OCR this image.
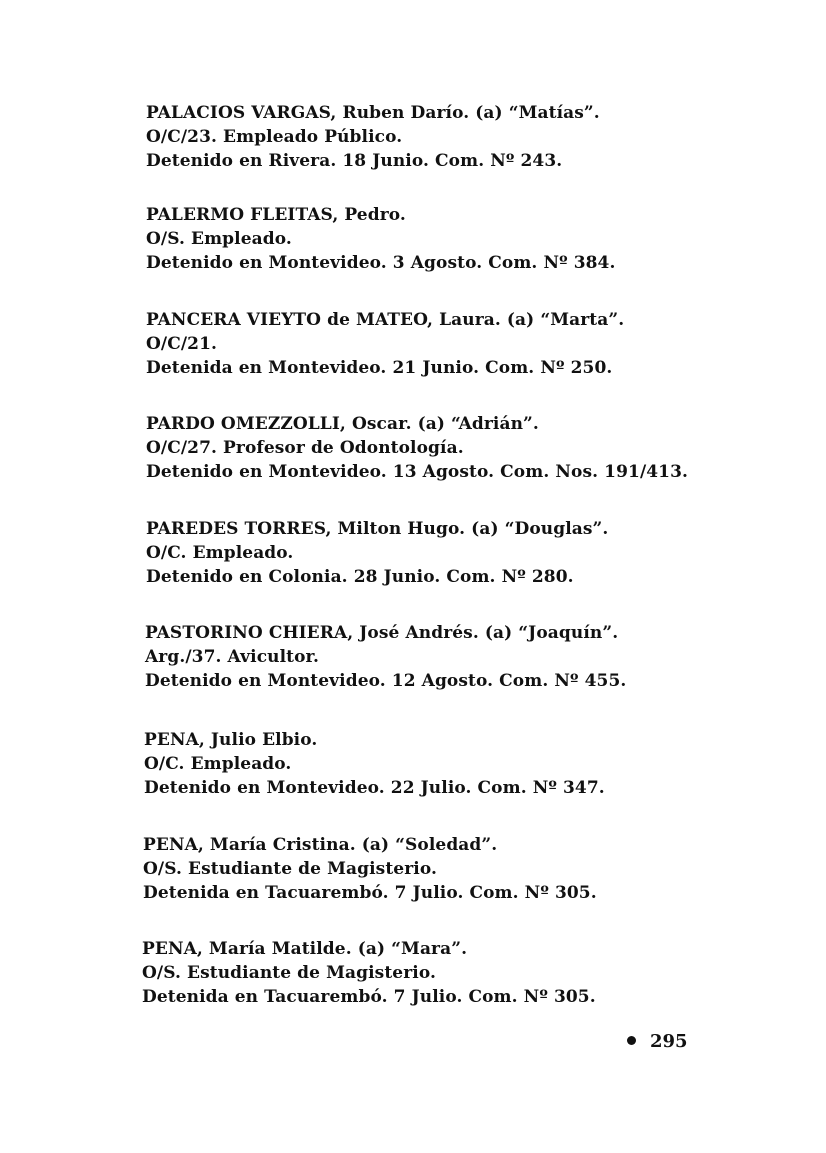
PALACIOS VARGAS, Ruben Darío. (a) “Matías”.
O/C/23. Empleado Público.
Detenido en Rivera. 18 Junio. Com. Nº 243.
PALERMO FLEITAS, Pedro.
O/S. Empleado.
Detenido en Montevideo. 3 Agosto. Com. Nº 384.
PANCERA VIEYTO de MATEO, Laura. (a) “Marta”.
O/C/21.
Detenida en Montevideo. 21 Junio. Com. Nº 250.
PARDO OMEZZOLLI, Oscar. (a) “Adrián”.
O/C/27. Profesor de Odontología.
Detenido en Montevideo. 13 Agosto. Com. Nos. 191/413.
PAREDES TORRES, Milton Hugo. (a) “Douglas”.
O/C. Empleado.
Detenido en Colonia. 28 Junio. Com. Nº 280.
PASTORINO CHIERA, José Andrés. (a) “Joaquín”.
Arg./37. Avicultor.
Detenido en Montevideo. 12 Agosto. Com. Nº 455.
PENA, Julio Elbio.
O/C. Empleado.
Detenido en Montevideo. 22 Julio. Com. Nº 347.
PENA, María Cristina. (a) “Soledad”.
O/S. Estudiante de Magisterio.
Detenida en Tacuarembó. 7 Julio. Com. Nº 305.
PENA, María Matilde. (a) “Mara”.
O/S. Estudiante de Magisterio.
Detenida en Tacuarembó. 7 Julio. Com. Nº 305.
295
